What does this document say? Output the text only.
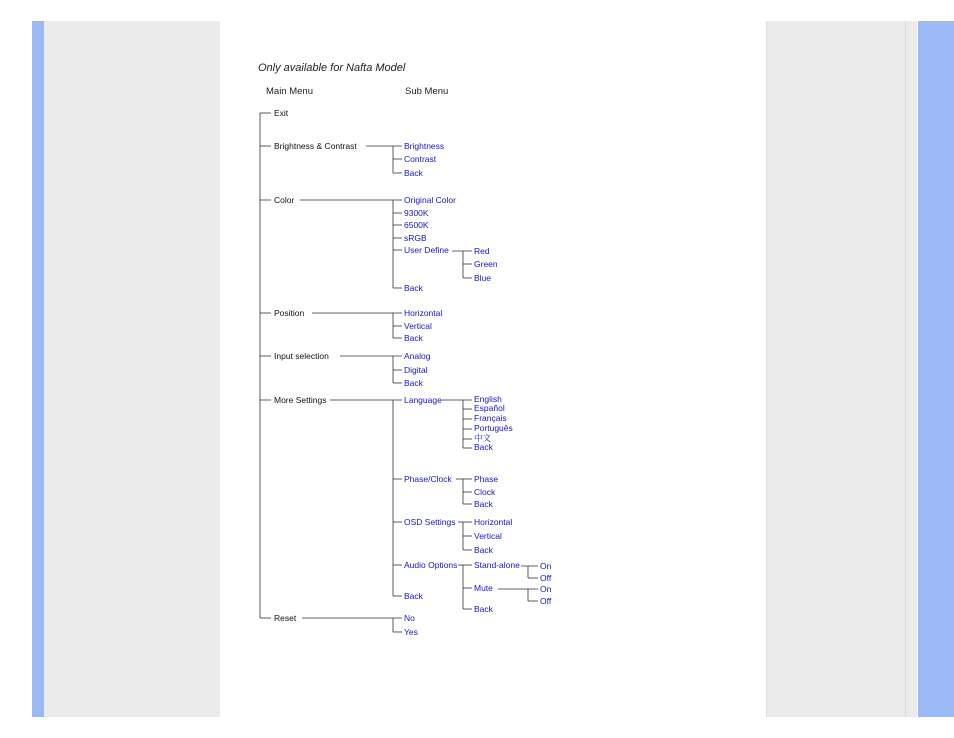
Only available for Nafta Model
Main Menu	Sub Menu
Exit
Brightness & Contrast
Color
Position
Input selection
More Settings
Reset
Brightness
Contrast
Back
Original Color
9300K
6500K
sRGB
User Define
Back
Red
Green
Blue
Horizontal
Vertical
Back
Analog
Digital
Back
Language
Phase/Clock
OSD Settings
Audio Options
Back
English
Español
Français
Português
中文
Back
Phase
Clock
Back
Horizontal
Vertical
Back
Stand-alone
Mute
Back
On
Off
On
Off
No
Yes
